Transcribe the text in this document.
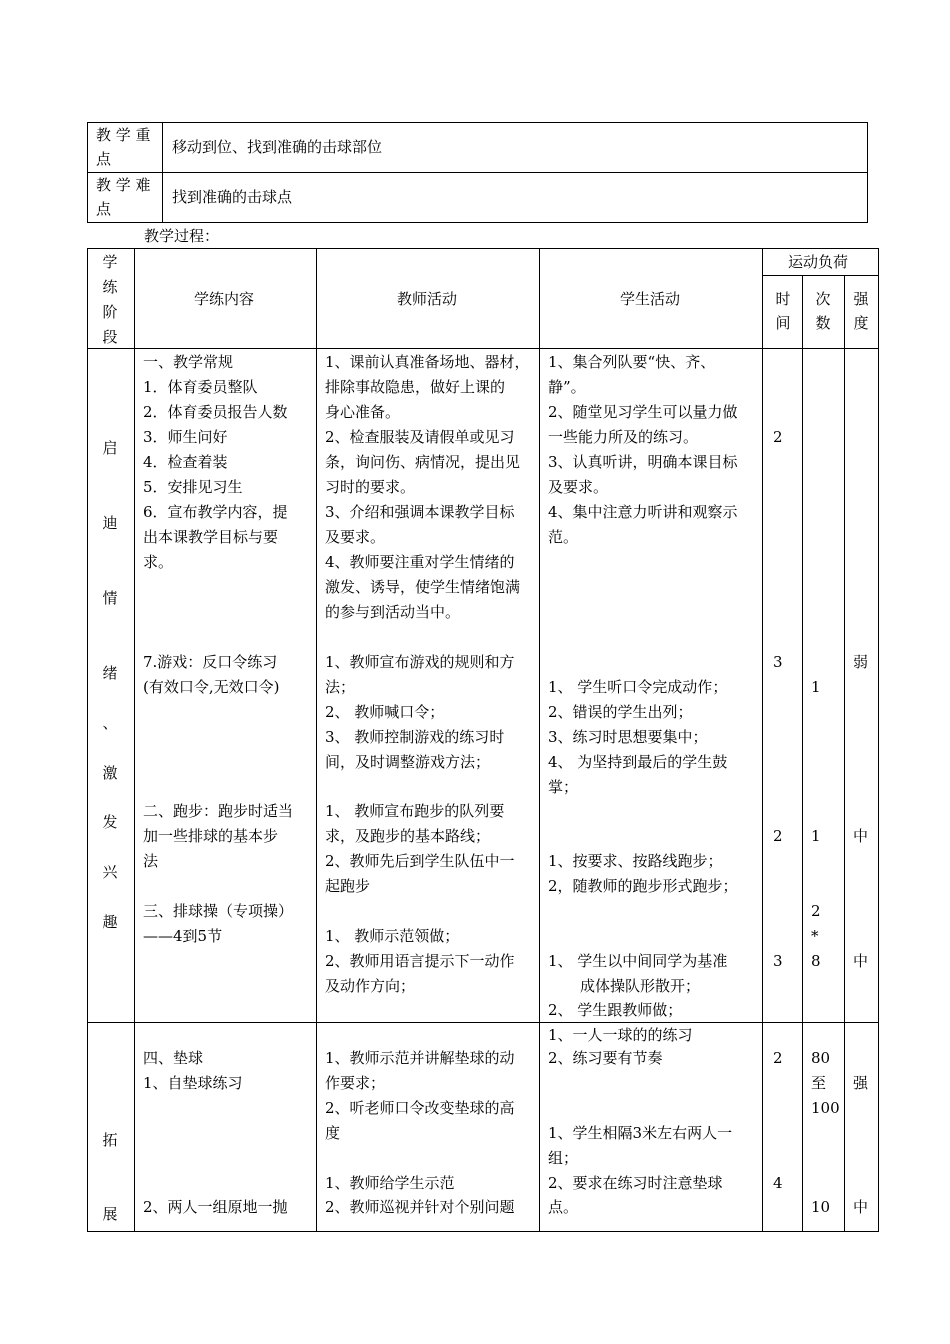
教 学 重
点
移动到位、找到准确的击球部位
教 学 难
点
找到准确的击球点
教学过程：
学
练
阶
段
学练内容	教师活动	学生活动
运动负荷
时
间
次
数
强
度
启
迪
情
绪
、
激
发
兴
趣
一、教学常规
1．体育委员整队
2．体育委员报告人数
3．师生问好
4．检查着装
5．安排见习生
6．宣布教学内容，提
出本课教学目标与要
求。
7.游戏：反口令练习
(有效口令,无效口令)
二、跑步：跑步时适当
加一些排球的基本步
法
三、排球操（专项操）
——4到5节
1、课前认真准备场地、器材，
排除事故隐患，做好上课的
身心准备。
2、检查服装及请假单或见习
条，询问伤、病情况，提出见
习时的要求。
3、介绍和强调本课教学目标
及要求。
4、教师要注重对学生情绪的
激发、诱导，使学生情绪饱满
的参与到活动当中。
1、教师宣布游戏的规则和方
法；
2、 教师喊口令；
3、 教师控制游戏的练习时
间，及时调整游戏方法；
1、 教师宣布跑步的队列要
求，及跑步的基本路线；
2、教师先后到学生队伍中一
起跑步
1、 教师示范领做；
2、教师用语言提示下一动作
及动作方向；
1、集合列队要“快、齐、
静”。
2、随堂见习学生可以量力做
一些能力所及的练习。
3、认真听讲，明确本课目标
及要求。
4、集中注意力听讲和观察示
范。
1、 学生听口令完成动作；
2、错误的学生出列；
3、练习时思想要集中；
4、 为坚持到最后的学生鼓
掌；
1、按要求、按路线跑步；
2，随教师的跑步形式跑步；
1、 学生以中间同学为基准
成体操队形散开；
2、 学生跟教师做；
2
3
2
3
1
1
2
*
8
弱
中
中
拓
展
四、垫球
1、自垫球练习
2、两人一组原地一抛
1、教师示范并讲解垫球的动
作要求；
2、听老师口令改变垫球的高
度
1、教师给学生示范
2、教师巡视并针对个别问题
1、一人一球的的练习
2、练习要有节奏
1、学生相隔3米左右两人一
组；
2、要求在练习时注意垫球
点。
2
4
80
至
100
10
强
中
